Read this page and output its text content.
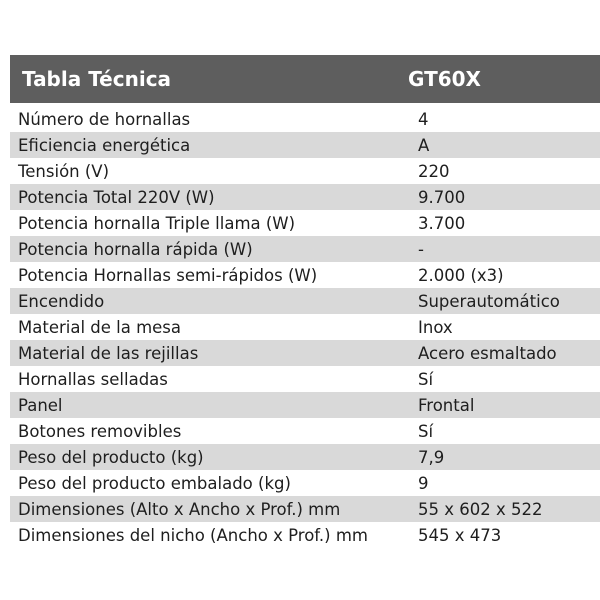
Tabla Técnica	GT60X
Número de hornallas	4
Eficiencia energética	A
Tensión (V)	220
Potencia Total 220V (W)	9.700
Potencia hornalla Triple llama (W)	3.700
Potencia hornalla rápida (W)	-
Potencia Hornallas semi-rápidos (W)	2.000 (x3)
Encendido	Superautomático
Material de la mesa	Inox
Material de las rejillas	Acero esmaltado
Hornallas selladas	Sí
Panel	Frontal
Botones removibles	Sí
Peso del producto (kg)	7,9
Peso del producto embalado (kg)	9
Dimensiones (Alto x Ancho x Prof.) mm	55 x 602 x 522
Dimensiones del nicho (Ancho x Prof.) mm	545 x 473
